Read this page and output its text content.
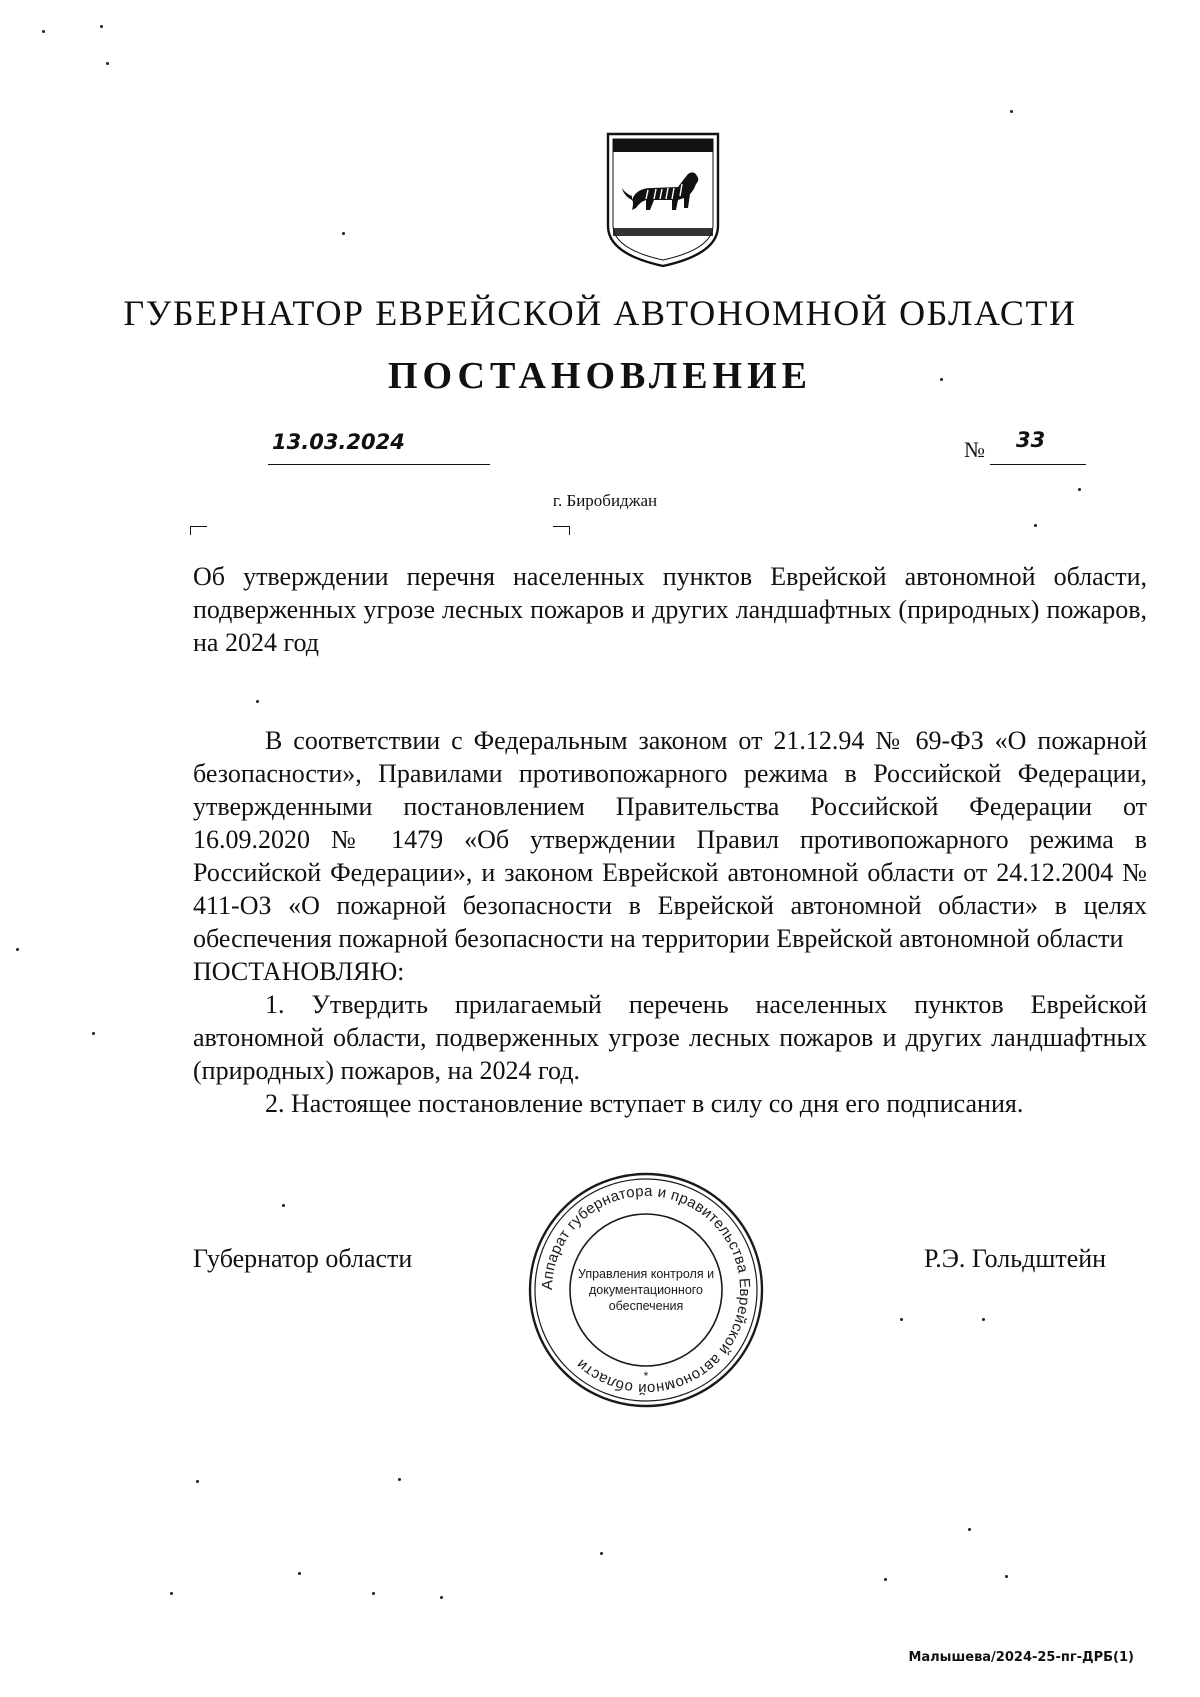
ГУБЕРНАТОР ЕВРЕЙСКОЙ АВТОНОМНОЙ ОБЛАСТИ
ПОСТАНОВЛЕНИЕ
13.03.2024	№ 33
г. Биробиджан
Об утверждении перечня населенных пунктов Еврейской автономной области, подверженных угрозе лесных пожаров и других ландшафтных (природных) пожаров, на 2024 год
В соответствии с Федеральным законом от 21.12.94 № 69-ФЗ «О пожарной безопасности», Правилами противопожарного режима в Российской Федерации, утвержденными постановлением Правительства Российской Федерации от 16.09.2020 № 1479 «Об утверждении Правил противопожарного режима в Российской Федерации», и законом Еврейской автономной области от 24.12.2004 № 411-ОЗ «О пожарной безопасности в Еврейской автономной области» в целях обеспечения пожарной безопасности на территории Еврейской автономной области
ПОСТАНОВЛЯЮ:
1. Утвердить прилагаемый перечень населенных пунктов Еврейской автономной области, подверженных угрозе лесных пожаров и других ландшафтных (природных) пожаров, на 2024 год.
2. Настоящее постановление вступает в силу со дня его подписания.
Губернатор области	Р.Э. Гольдштейн
Аппарат губернатора и правительства Еврейской автономной области
Управления контроля и
документационного
обеспечения
*
Малышева/2024-25-пг-ДРБ(1)
